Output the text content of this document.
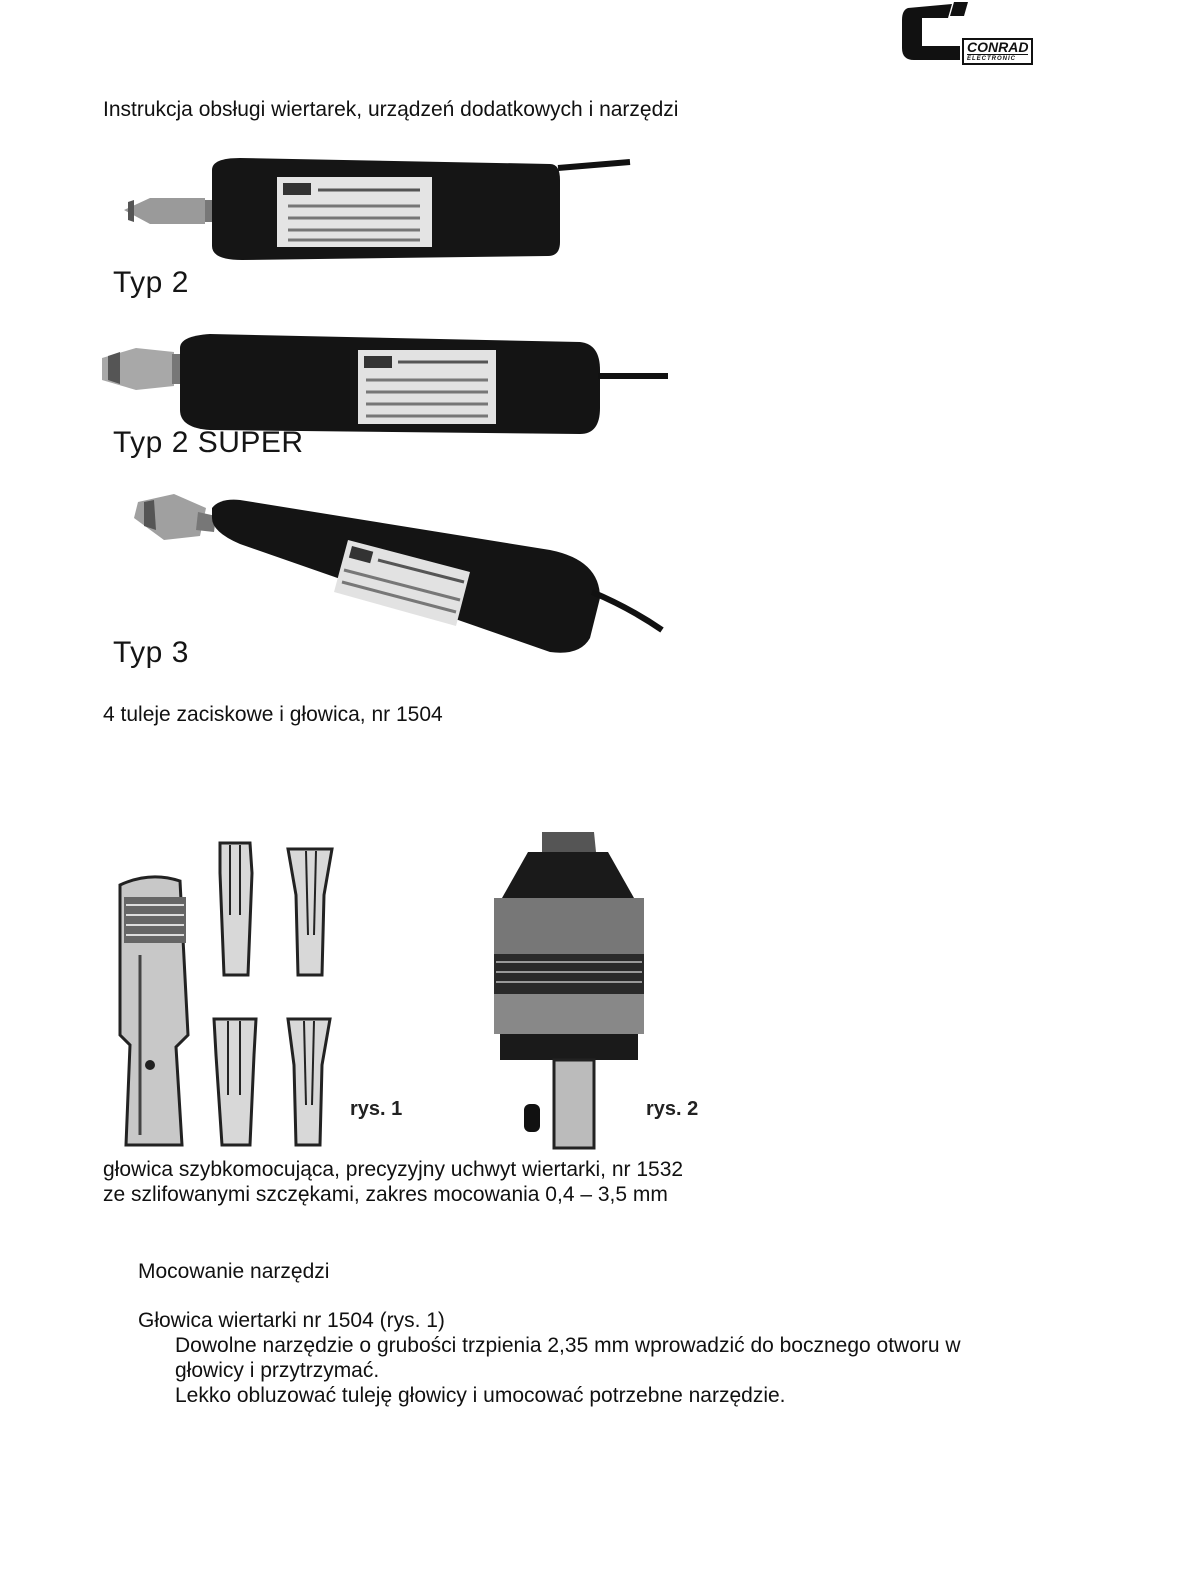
CONRAD
ELECTRONIC
Instrukcja obsługi wiertarek, urządzeń dodatkowych i narzędzi
Typ 2
Typ 2 SUPER
Typ 3
4 tuleje zaciskowe i głowica, nr 1504
rys. 1	rys. 2
głowica szybkomocująca, precyzyjny uchwyt wiertarki, nr 1532
ze szlifowanymi szczękami, zakres mocowania 0,4 – 3,5 mm
Mocowanie narzędzi
Głowica wiertarki nr 1504 (rys. 1)
Dowolne narzędzie o grubości trzpienia 2,35 mm wprowadzić do bocznego otworu w
głowicy i przytrzymać.
Lekko obluzować tuleję głowicy i umocować potrzebne narzędzie.
